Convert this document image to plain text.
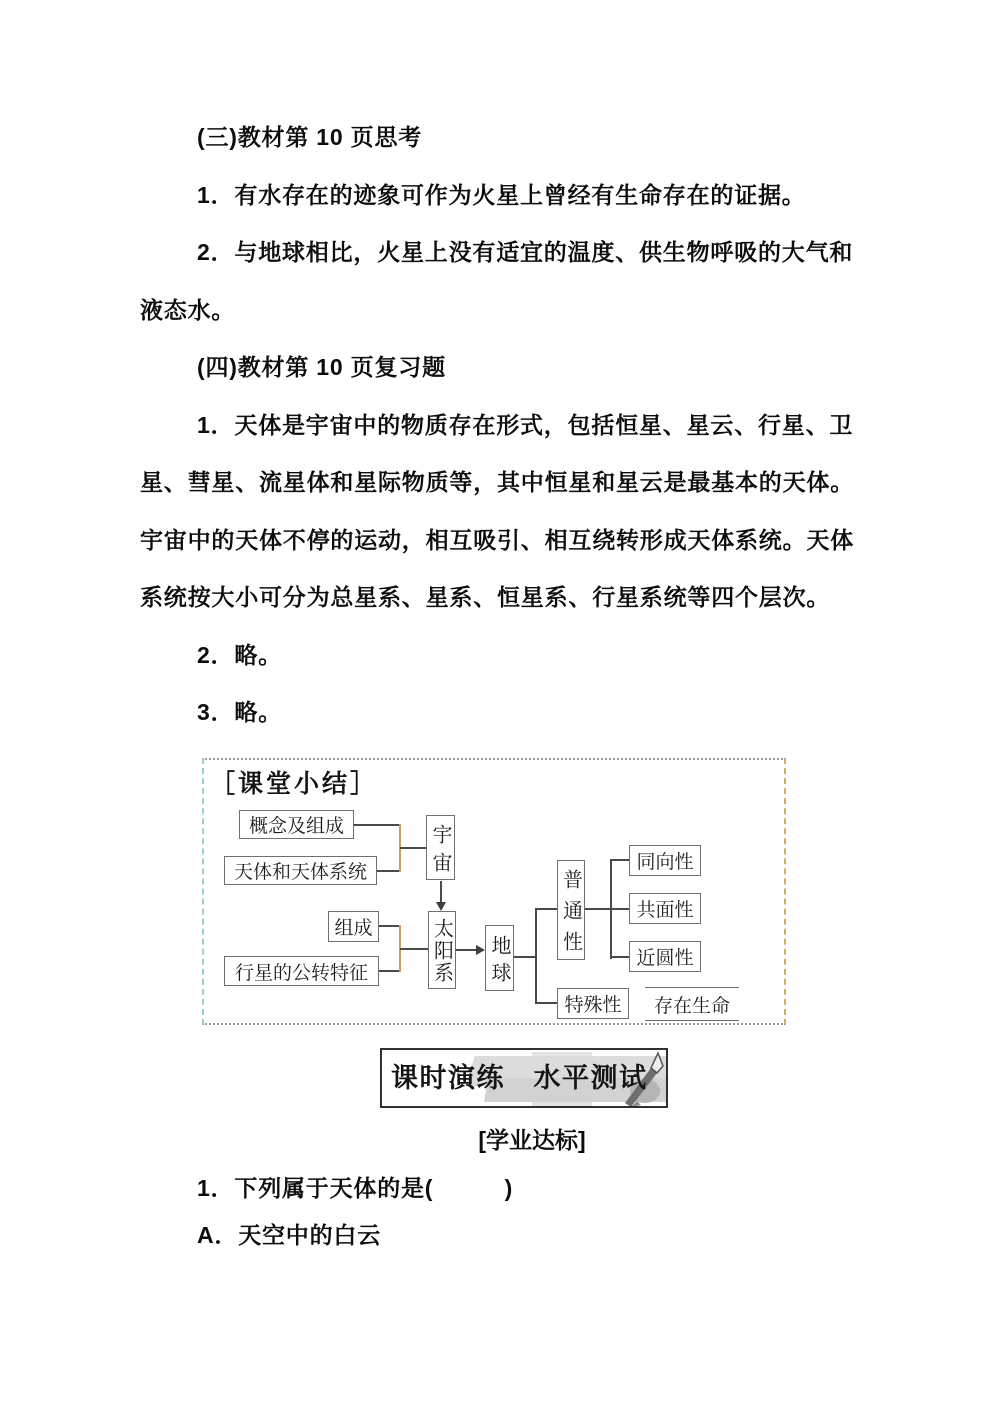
(三)教材第 10 页思考

1．有水存在的迹象可作为火星上曾经有生命存在的证据。

2．与地球相比，火星上没有适宜的温度、供生物呼吸的大气和

液态水。

(四)教材第 10 页复习题

1．天体是宇宙中的物质存在形式，包括恒星、星云、行星、卫

星、彗星、流星体和星际物质等，其中恒星和星云是最基本的天体。

宇宙中的天体不停的运动，相互吸引、相互绕转形成天体系统。天体

系统按大小可分为总星系、星系、恒星系、行星系统等四个层次。

2．略。

3．略。

［课堂小结］
概念及组成
天体和天体系统	宇宙
太阳系
组成
行星的公转特征	地球 普通性
同向性
共面性
近圆性
特殊性	存在生命
课时演练　水平测试
[学业达标]

1．下列属于天体的是(　　　)

A．天空中的白云
